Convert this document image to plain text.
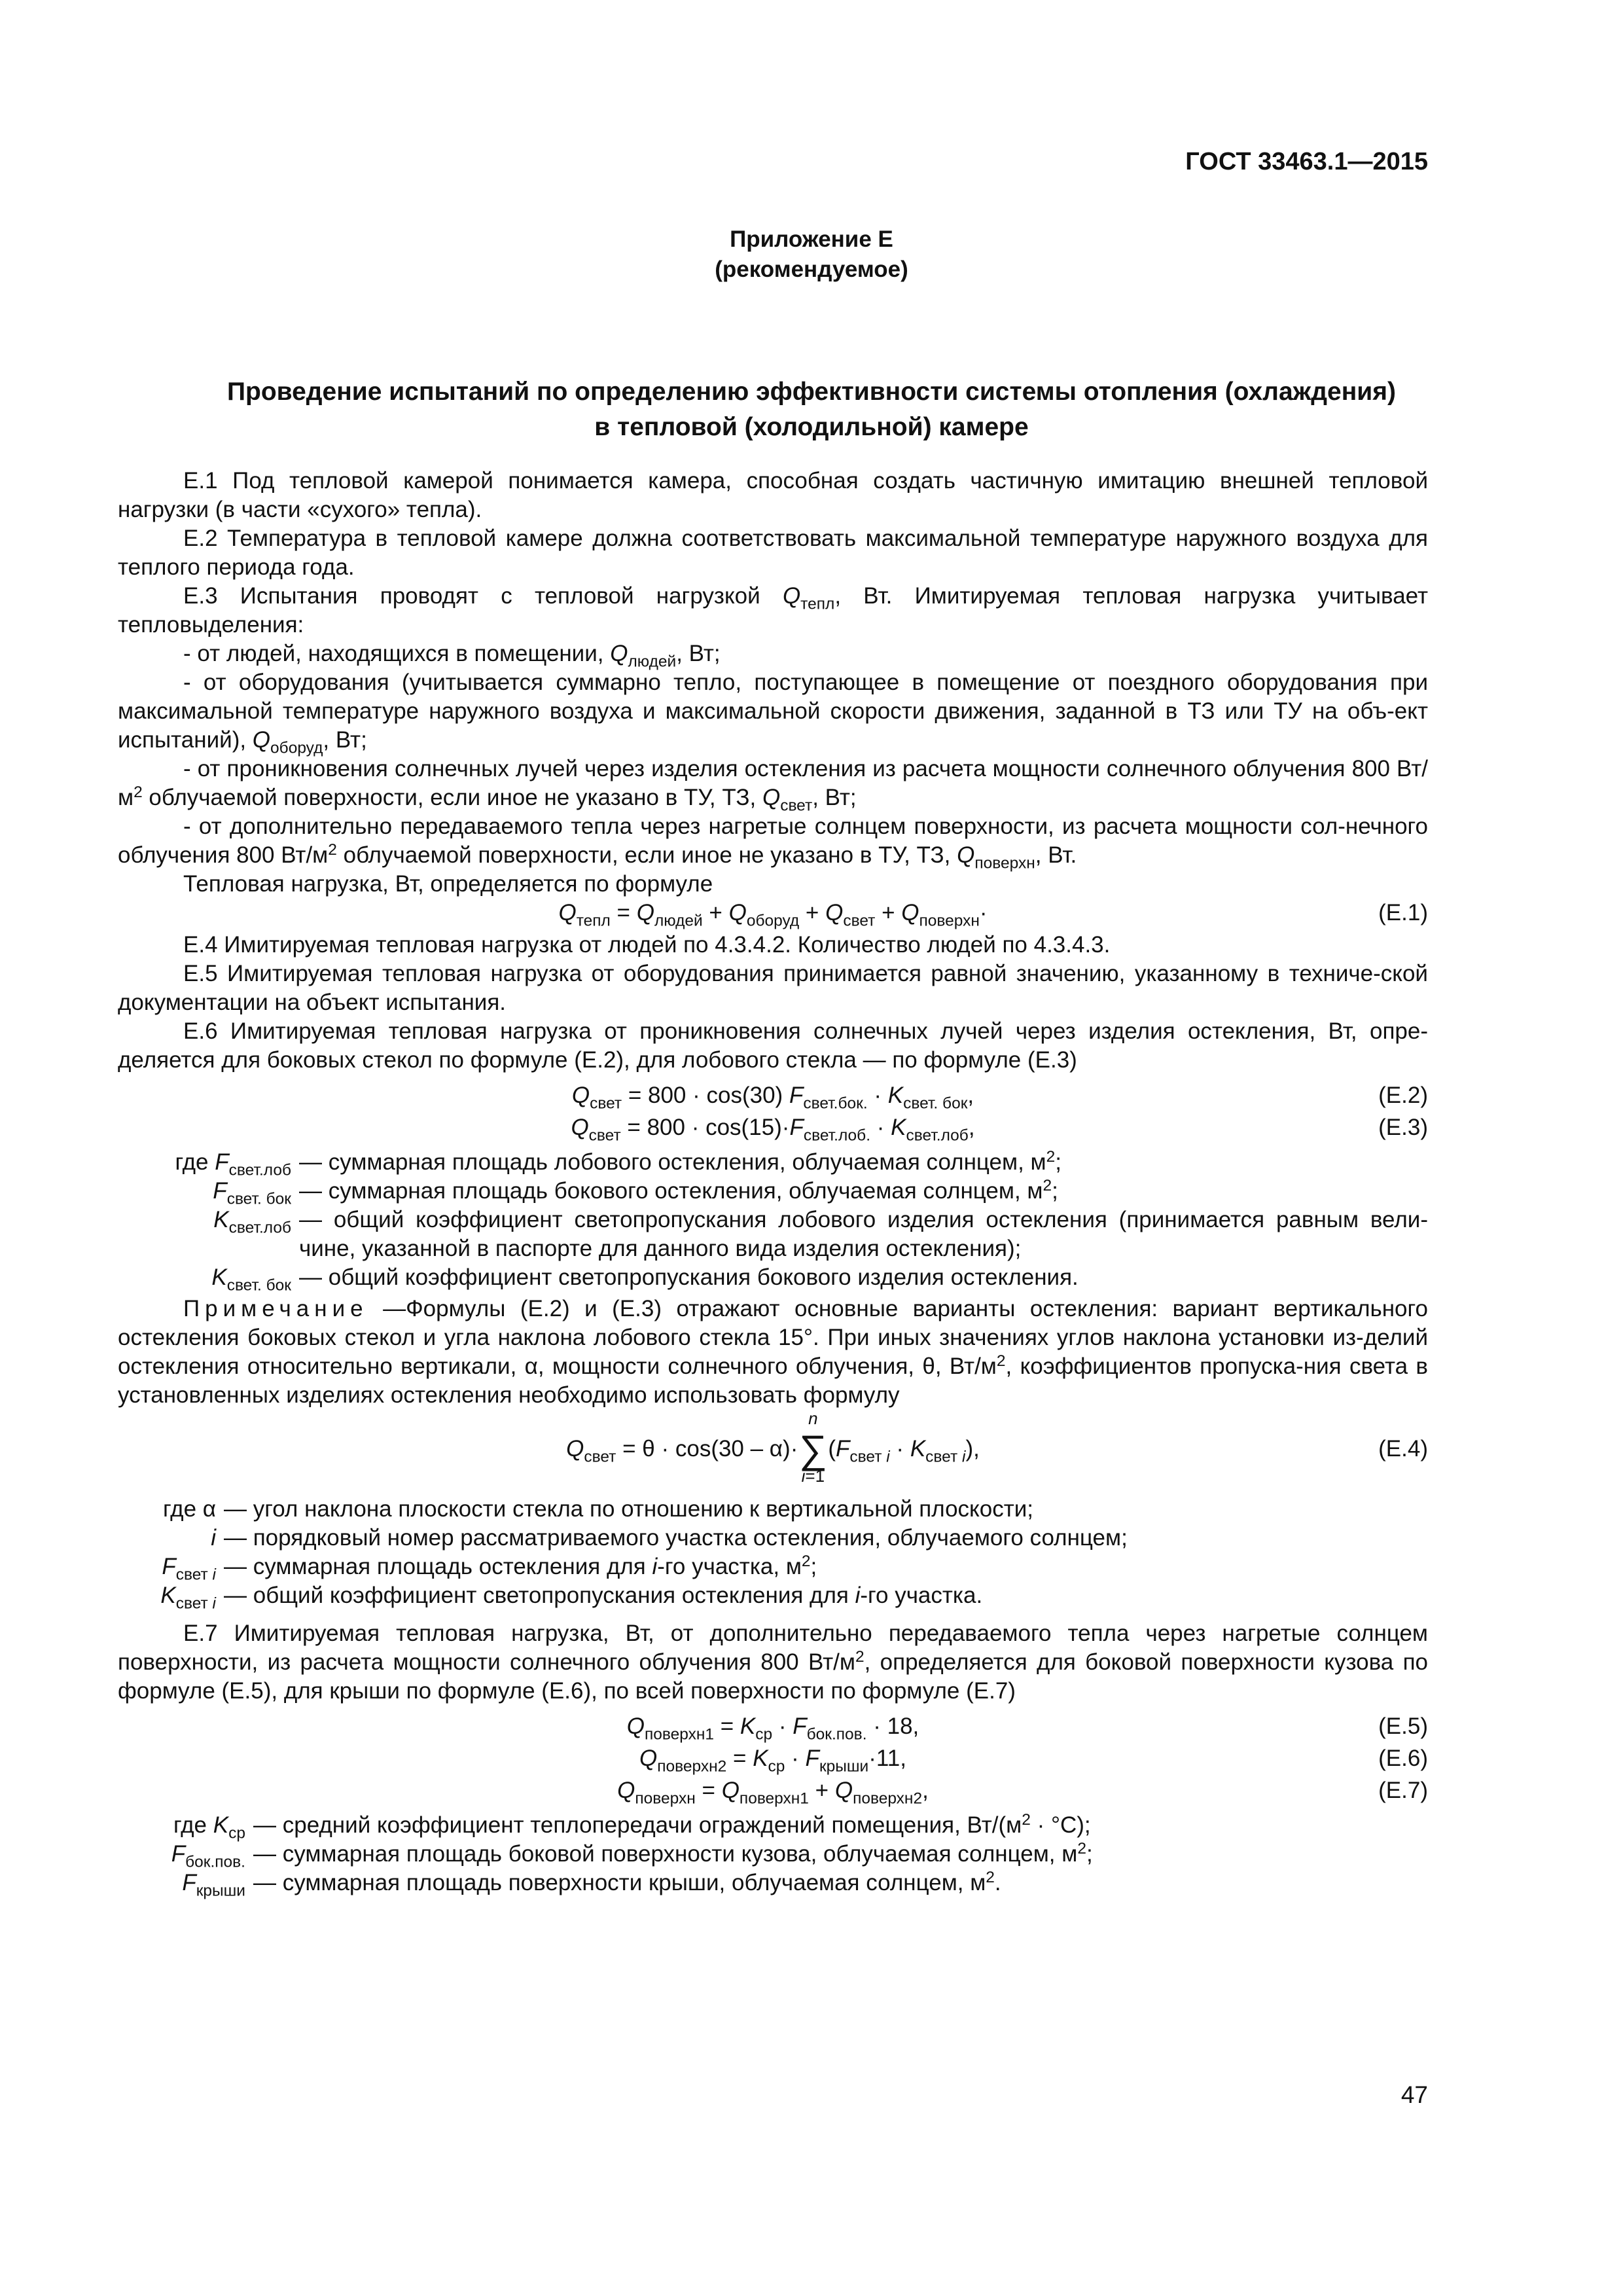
ГОСТ 33463.1—2015
Приложение Е
(рекомендуемое)
Проведение испытаний по определению эффективности системы отопления (охлаждения)
в тепловой (холодильной) камере

Е.1 Под тепловой камерой понимается камера, способная создать частичную имитацию внешней тепловой нагрузки (в части «сухого» тепла).

Е.2 Температура в тепловой камере должна соответствовать максимальной температуре наружного воздуха для теплого периода года.

Е.3 Испытания проводят с тепловой нагрузкой $Q_{тепл}$, Вт. Имитируемая тепловая нагрузка учитывает тепловыделения:

- от людей, находящихся в помещении, $Q_{людей}$, Вт;

- от оборудования (учитывается суммарно тепло, поступающее в помещение от поездного оборудования при максимальной температуре наружного воздуха и максимальной скорости движения, заданной в ТЗ или ТУ на объ-ект испытаний), $Q_{оборуд}$, Вт;

- от проникновения солнечных лучей через изделия остекления из расчета мощности солнечного облучения 800 $Вт/м^2$ облучаемой поверхности, если иное не указано в ТУ, ТЗ, $Q_{свет}$, Вт;

- от дополнительно передаваемого тепла через нагретые солнцем поверхности, из расчета мощности сол-нечного облучения 800 $Вт/м^2$ облучаемой поверхности, если иное не указано в ТУ, ТЗ, $Q_{поверхн}$, Вт.

Тепловая нагрузка, Вт, определяется по формуле

$Q_{тепл} = Q_{людей} + Q_{оборуд} + Q_{свет} + Q_{поверхн}\cdot$	(Е.1)

Е.4 Имитируемая тепловая нагрузка от людей по 4.3.4.2. Количество людей по 4.3.4.3.

Е.5 Имитируемая тепловая нагрузка от оборудования принимается равной значению, указанному в техниче-ской документации на объект испытания.

Е.6 Имитируемая тепловая нагрузка от проникновения солнечных лучей через изделия остекления, Вт, опре-деляется для боковых стекол по формуле (Е.2), для лобового стекла — по формуле (Е.3)

$Q_{свет} = 800 \cdot \cos(30) F_{свет.бок.} \cdot K_{свет. бок}$,	(Е.2)
$Q_{свет} = 800 \cdot \cos(15)\cdot F_{свет.лоб.} \cdot K_{свет.лоб}$,	(Е.3)
где $F_{свет.лоб}$ — суммарная площадь лобового остекления, облучаемая солнцем, $м^2$;
$F_{свет. бок}$ — суммарная площадь бокового остекления, облучаемая солнцем, $м^2$;
$K_{свет.лоб}$ — общий коэффициент светопропускания лобового изделия остекления (принимается равным вели-чине, указанной в паспорте для данного вида изделия остекления);
$K_{свет. бок}$ — общий коэффициент светопропускания бокового изделия остекления.

Примечание —Формулы (Е.2) и (Е.3) отражают основные варианты остекления: вариант вертикального остекления боковых стекол и угла наклона лобового стекла 15°. При иных значениях углов наклона установки из-делий остекления относительно вертикали, α, мощности солнечного облучения, θ, $Вт/м^2$, коэффициентов пропуска-ния света в установленных изделиях остекления необходимо использовать формулу

$Q_{свет} = \theta \cdot \cos(30 - \alpha)\cdot\sum$
n
i=1
$(F_{свет i} \cdot K_{свет i})$,	(Е.4)
где α — угол наклона плоскости стекла по отношению к вертикальной плоскости;
i — порядковый номер рассматриваемого участка остекления, облучаемого солнцем;
$F_{свет i}$ — суммарная площадь остекления для i-го участка, $м^2$;
$K_{свет i}$ — общий коэффициент светопропускания остекления для i-го участка.

Е.7 Имитируемая тепловая нагрузка, Вт, от дополнительно передаваемого тепла через нагретые солнцем поверхности, из расчета мощности солнечного облучения 800 $Вт/м^2$, определяется для боковой поверхности кузова по формуле (Е.5), для крыши по формуле (Е.6), по всей поверхности по формуле (Е.7)

$Q_{поверхн1} = K_{ср} \cdot F_{бок.пов.} \cdot 18$,	(Е.5)
$Q_{поверхн2} = K_{ср} \cdot F_{крыши}\cdot 11$,	(Е.6)
$Q_{поверхн} = Q_{поверхн1} + Q_{поверхн2}$,	(Е.7)
где $K_{ср}$ — средний коэффициент теплопередачи ограждений помещения, $Вт/(м^2 \cdot ^\circ С)$;
$F_{бок.пов.}$ — суммарная площадь боковой поверхности кузова, облучаемая солнцем, $м^2$;
$F_{крыши}$ — суммарная площадь поверхности крыши, облучаемая солнцем, $м^2$.
47
